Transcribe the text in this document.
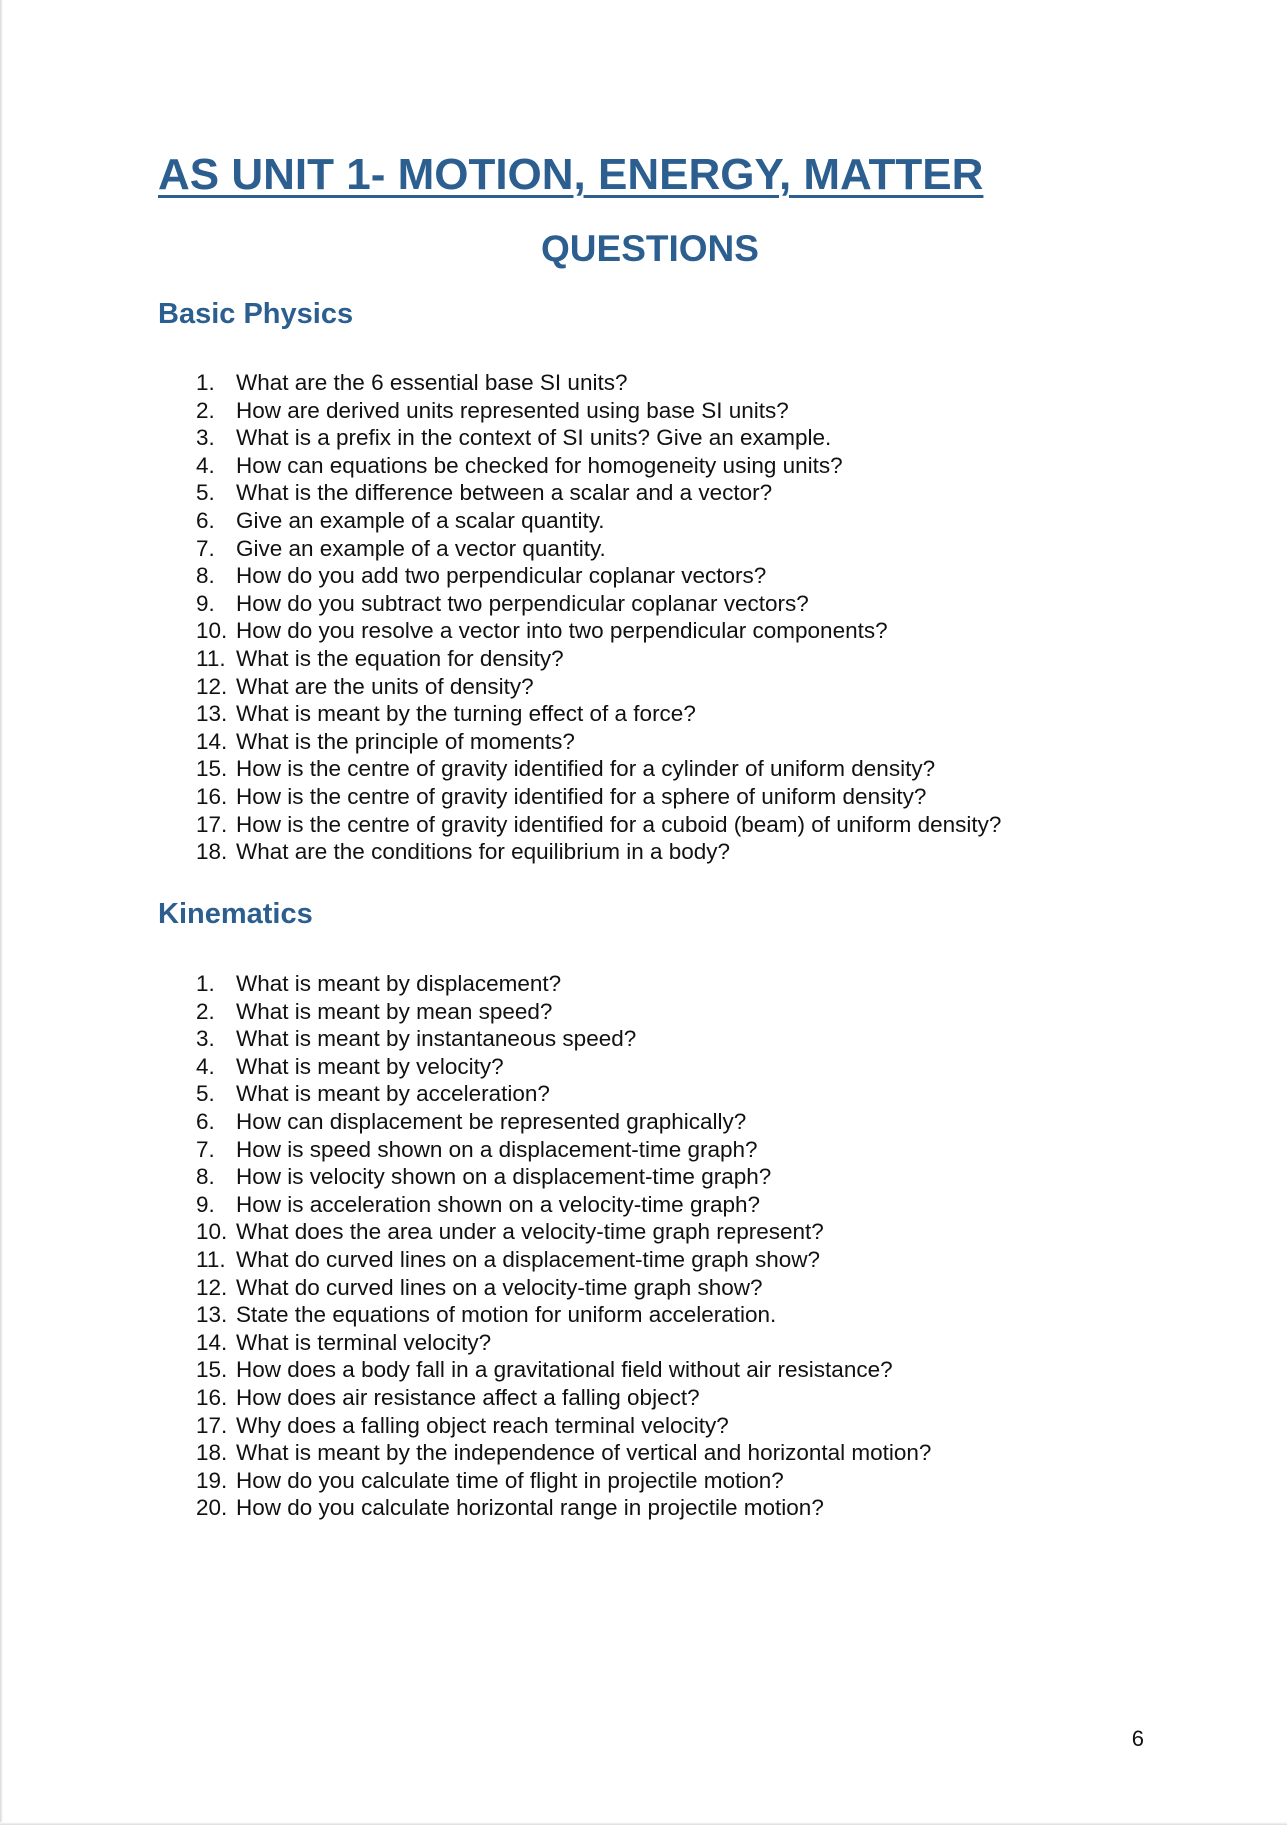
AS UNIT 1- MOTION, ENERGY, MATTER
QUESTIONS
Basic Physics
1. What are the 6 essential base SI units?
2. How are derived units represented using base SI units?
3. What is a prefix in the context of SI units? Give an example.
4. How can equations be checked for homogeneity using units?
5. What is the difference between a scalar and a vector?
6. Give an example of a scalar quantity.
7. Give an example of a vector quantity.
8. How do you add two perpendicular coplanar vectors?
9. How do you subtract two perpendicular coplanar vectors?
10. How do you resolve a vector into two perpendicular components?
11. What is the equation for density?
12. What are the units of density?
13. What is meant by the turning effect of a force?
14. What is the principle of moments?
15. How is the centre of gravity identified for a cylinder of uniform density?
16. How is the centre of gravity identified for a sphere of uniform density?
17. How is the centre of gravity identified for a cuboid (beam) of uniform density?
18. What are the conditions for equilibrium in a body?
Kinematics
1. What is meant by displacement?
2. What is meant by mean speed?
3. What is meant by instantaneous speed?
4. What is meant by velocity?
5. What is meant by acceleration?
6. How can displacement be represented graphically?
7. How is speed shown on a displacement-time graph?
8. How is velocity shown on a displacement-time graph?
9. How is acceleration shown on a velocity-time graph?
10. What does the area under a velocity-time graph represent?
11. What do curved lines on a displacement-time graph show?
12. What do curved lines on a velocity-time graph show?
13. State the equations of motion for uniform acceleration.
14. What is terminal velocity?
15. How does a body fall in a gravitational field without air resistance?
16. How does air resistance affect a falling object?
17. Why does a falling object reach terminal velocity?
18. What is meant by the independence of vertical and horizontal motion?
19. How do you calculate time of flight in projectile motion?
20. How do you calculate horizontal range in projectile motion?
6
